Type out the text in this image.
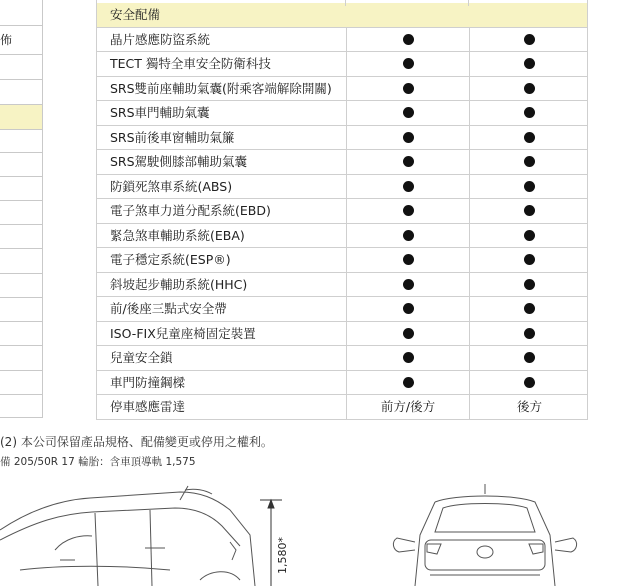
佈
安全配備
晶片感應防盜系統
TECT 獨特全車安全防衛科技
SRS雙前座輔助氣囊(附乘客端解除開關)
SRS車門輔助氣囊
SRS前後車窗輔助氣簾
SRS駕駛側膝部輔助氣囊
防鎖死煞車系統(ABS)
電子煞車力道分配系統(EBD)
緊急煞車輔助系統(EBA)
電子穩定系統(ESP®)
斜坡起步輔助系統(HHC)
前/後座三點式安全帶
ISO-FIX兒童座椅固定裝置
兒童安全鎖
車門防撞鋼樑
停車感應雷達	前方/後方	後方
(2) 本公司保留產品規格、配備變更或停用之權利。
備 205/50R 17 輪胎：含車頂導軌 1,575
1,580*
